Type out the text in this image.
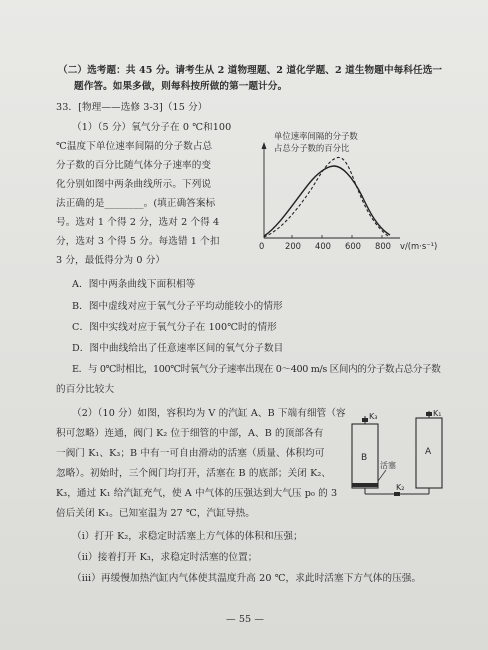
（二）选考题：共 45 分。请考生从 2 道物理题、2 道化学题、2 道生物题中每科任选一
题作答。如果多做，则每科按所做的第一题计分。
33．[物理——选修 3-3]（15 分）
（1）（5 分）氧气分子在 0 ℃和100
℃温度下单位速率间隔的分子数占总
分子数的百分比随气体分子速率的变
化分别如图中两条曲线所示。下列说
法正确的是________。(填正确答案标
号。选对 1 个得 2 分，选对 2 个得 4
分，选对 3 个得 5 分。每选错 1 个扣
3 分，最低得分为 0 分）
单位速率间隔的分子数
占总分子数的百分比
0 200 400 600 800 v/(m·s⁻¹)
A．图中两条曲线下面积相等
B．图中虚线对应于氧气分子平均动能较小的情形
C．图中实线对应于氧气分子在 100℃时的情形
D．图中曲线给出了任意速率区间的氧气分子数目
E．与 0℃时相比，100℃时氧气分子速率出现在 0～400 m/s 区间内的分子数占总分子数
的百分比较大
（2）（10 分）如图，容积均为 V 的汽缸 A、B 下端有细管（容
积可忽略）连通，阀门 K₂ 位于细管的中部，A、B 的顶部各有
一阀门 K₁、K₃；B 中有一可自由滑动的活塞（质量、体积均可
忽略）。初始时，三个阀门均打开，活塞在 B 的底部；关闭 K₂、
K₃，通过 K₁ 给汽缸充气，使 A 中气体的压强达到大气压 p₀ 的 3
倍后关闭 K₁。已知室温为 27 ℃，汽缸导热。
K₃
B
活塞
K₁
A
K₂
（i）打开 K₂，求稳定时活塞上方气体的体积和压强；
（ii）接着打开 K₃，求稳定时活塞的位置；
（iii）再缓慢加热汽缸内气体使其温度升高 20 ℃，求此时活塞下方气体的压强。
— 55 —
